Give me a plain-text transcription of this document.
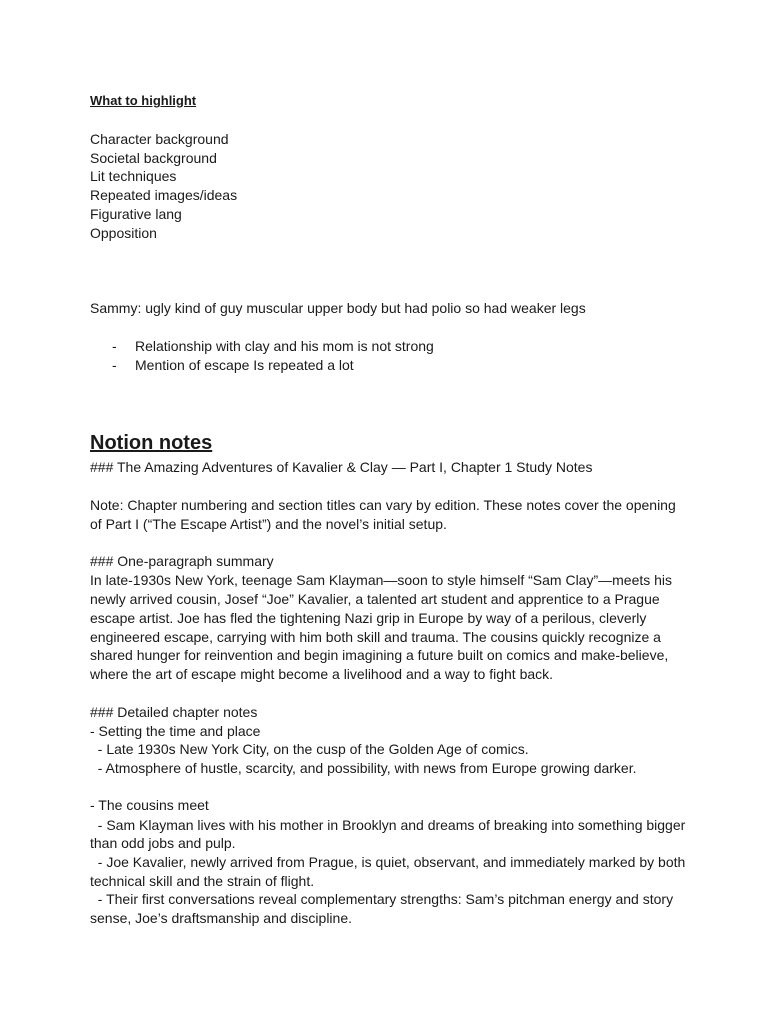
What to highlight
Character background
Societal background
Lit techniques
Repeated images/ideas
Figurative lang
Opposition
Sammy: ugly kind of guy muscular upper body but had polio so had weaker legs
- Relationship with clay and his mom is not strong
- Mention of escape Is repeated a lot
Notion notes
### The Amazing Adventures of Kavalier & Clay — Part I, Chapter 1 Study Notes
Note: Chapter numbering and section titles can vary by edition. These notes cover the opening
of Part I (“The Escape Artist”) and the novel’s initial setup.
### One-paragraph summary
In late‑1930s New York, teenage Sam Klayman—soon to style himself “Sam Clay”—meets his
newly arrived cousin, Josef “Joe” Kavalier, a talented art student and apprentice to a Prague
escape artist. Joe has fled the tightening Nazi grip in Europe by way of a perilous, cleverly
engineered escape, carrying with him both skill and trauma. The cousins quickly recognize a
shared hunger for reinvention and begin imagining a future built on comics and make‑believe,
where the art of escape might become a livelihood and a way to fight back.
### Detailed chapter notes
- Setting the time and place
- Late 1930s New York City, on the cusp of the Golden Age of comics.
- Atmosphere of hustle, scarcity, and possibility, with news from Europe growing darker.
- The cousins meet
- Sam Klayman lives with his mother in Brooklyn and dreams of breaking into something bigger
than odd jobs and pulp.
- Joe Kavalier, newly arrived from Prague, is quiet, observant, and immediately marked by both
technical skill and the strain of flight.
- Their first conversations reveal complementary strengths: Sam’s pitchman energy and story
sense, Joe’s draftsmanship and discipline.
